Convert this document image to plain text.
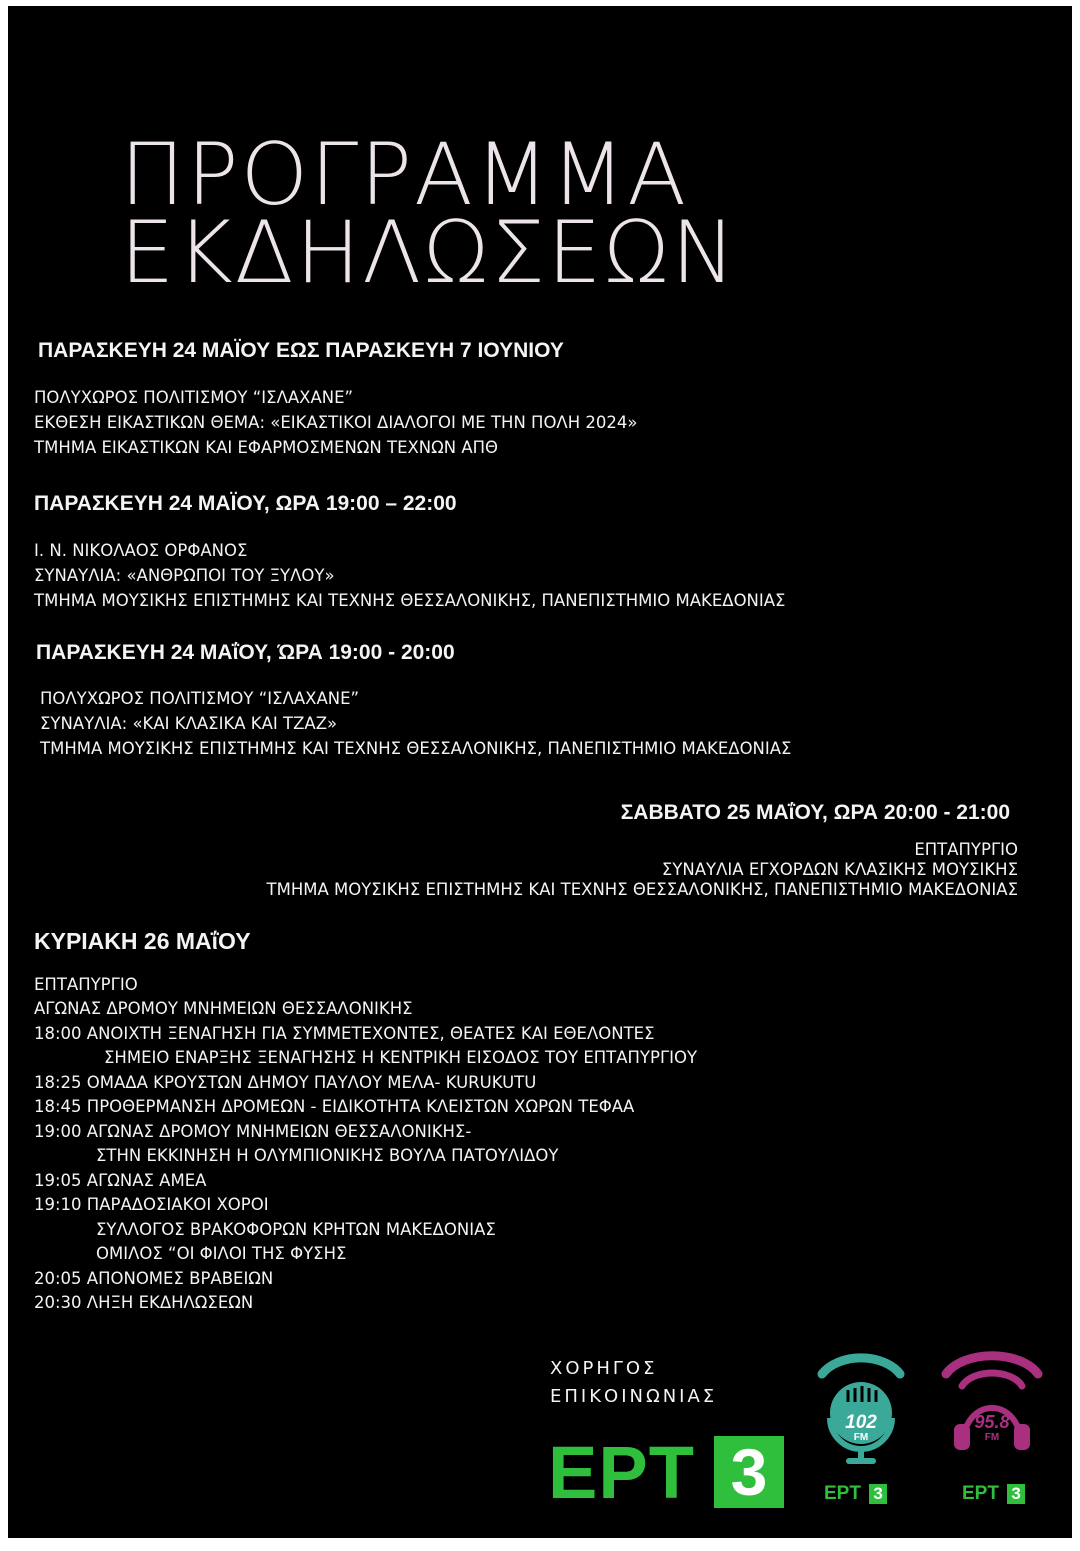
ΠΡΟΓΡΑΜΜΑ
ΕΚΔΗΛΩΣΕΩΝ
ΠΑΡΑΣΚΕΥΗ 24 ΜΑΪΟΥ ΕΩΣ ΠΑΡΑΣΚΕΥΗ 7 ΙΟΥΝΙΟΥ
ΠΟΛΥΧΩΡΟΣ ΠΟΛΙΤΙΣΜΟΥ “ΙΣΛΑΧΑΝΕ”
ΕΚΘΕΣΗ ΕΙΚΑΣΤΙΚΩΝ ΘΕΜΑ: «ΕΙΚΑΣΤΙΚΟΙ ΔΙΑΛΟΓΟΙ ΜΕ ΤΗΝ ΠΟΛΗ 2024»
ΤΜΗΜΑ ΕΙΚΑΣΤΙΚΩΝ ΚΑΙ ΕΦΑΡΜΟΣΜΕΝΩΝ ΤΕΧΝΩΝ ΑΠΘ
ΠΑΡΑΣΚΕΥΗ 24 ΜΑΪΟΥ, ΩΡΑ 19:00 – 22:00
Ι. Ν. ΝΙΚΟΛΑΟΣ ΟΡΦΑΝΟΣ
ΣΥΝΑΥΛΙΑ: «ΑΝΘΡΩΠΟΙ ΤΟΥ ΞΥΛΟΥ»
ΤΜΗΜΑ ΜΟΥΣΙΚΗΣ ΕΠΙΣΤΗΜΗΣ ΚΑΙ ΤΕΧΝΗΣ ΘΕΣΣΑΛΟΝΙΚΗΣ, ΠΑΝΕΠΙΣΤΗΜΙΟ ΜΑΚΕΔΟΝΙΑΣ
ΠΑΡΑΣΚΕΥΗ 24 ΜΑΐΟΥ, ΏΡΑ 19:00 - 20:00
ΠΟΛΥΧΩΡΟΣ ΠΟΛΙΤΙΣΜΟΥ “ΙΣΛΑΧΑΝΕ”
ΣΥΝΑΥΛΙΑ: «ΚΑΙ ΚΛΑΣΙΚΑ ΚΑΙ ΤΖΑΖ»
ΤΜΗΜΑ ΜΟΥΣΙΚΗΣ ΕΠΙΣΤΗΜΗΣ ΚΑΙ ΤΕΧΝΗΣ ΘΕΣΣΑΛΟΝΙΚΗΣ, ΠΑΝΕΠΙΣΤΗΜΙΟ ΜΑΚΕΔΟΝΙΑΣ
ΣΑΒΒΑΤΟ 25 ΜΑΐΟΥ, ΩΡΑ 20:00 - 21:00
ΕΠΤΑΠΥΡΓΙΟ
ΣΥΝΑΥΛΙΑ ΕΓΧΟΡΔΩΝ ΚΛΑΣΙΚΗΣ ΜΟΥΣΙΚΗΣ
ΤΜΗΜΑ ΜΟΥΣΙΚΗΣ ΕΠΙΣΤΗΜΗΣ ΚΑΙ ΤΕΧΝΗΣ ΘΕΣΣΑΛΟΝΙΚΗΣ, ΠΑΝΕΠΙΣΤΗΜΙΟ ΜΑΚΕΔΟΝΙΑΣ
ΚΥΡΙΑΚΗ 26 ΜΑΐΟΥ
ΕΠΤΑΠΥΡΓΙΟ
ΑΓΩΝΑΣ ΔΡΟΜΟΥ ΜΝΗΜΕΙΩΝ ΘΕΣΣΑΛΟΝΙΚΗΣ
18:00 ΑΝΟΙΧΤΗ ΞΕΝΑΓΗΣΗ ΓΙΑ ΣΥΜΜΕΤΕΧΟΝΤΕΣ, ΘΕΑΤΕΣ ΚΑΙ ΕΘΕΛΟΝΤΕΣ
ΣΗΜΕΙΟ ΕΝΑΡΞΗΣ ΞΕΝΑΓΗΣΗΣ Η ΚΕΝΤΡΙΚΗ ΕΙΣΟΔΟΣ ΤΟΥ ΕΠΤΑΠΥΡΓΙΟΥ
18:25 ΟΜΑΔΑ ΚΡΟΥΣΤΩΝ ΔΗΜΟΥ ΠΑΥΛΟΥ ΜΕΛΑ- KURUKUTU
18:45 ΠΡΟΘΕΡΜΑΝΣΗ ΔΡΟΜΕΩΝ - ΕΙΔΙΚΟΤΗΤΑ ΚΛΕΙΣΤΩΝ ΧΩΡΩΝ ΤΕΦΑΑ
19:00 ΑΓΩΝΑΣ ΔΡΟΜΟΥ ΜΝΗΜΕΙΩΝ ΘΕΣΣΑΛΟΝΙΚΗΣ-
ΣΤΗΝ ΕΚΚΙΝΗΣΗ Η ΟΛΥΜΠΙΟΝΙΚΗΣ ΒΟΥΛΑ ΠΑΤΟΥΛΙΔΟΥ
19:05 ΑΓΩΝΑΣ ΑΜΕΑ
19:10 ΠΑΡΑΔΟΣΙΑΚΟΙ ΧΟΡΟΙ
ΣΥΛΛΟΓΟΣ ΒΡΑΚΟΦΟΡΩΝ ΚΡΗΤΩΝ ΜΑΚΕΔΟΝΙΑΣ
ΟΜΙΛΟΣ “ΟΙ ΦΙΛΟΙ ΤΗΣ ΦΥΣΗΣ
20:05 ΑΠΟΝΟΜΕΣ ΒΡΑΒΕΙΩΝ
20:30 ΛΗΞΗ ΕΚΔΗΛΩΣΕΩΝ
ΧΟΡΗΓΟΣ
ΕΠΙΚΟΙΝΩΝΙΑΣ
ΕΡΤ 3
102
FM
ΕΡΤ 3
95.8
FM
ΕΡΤ 3
